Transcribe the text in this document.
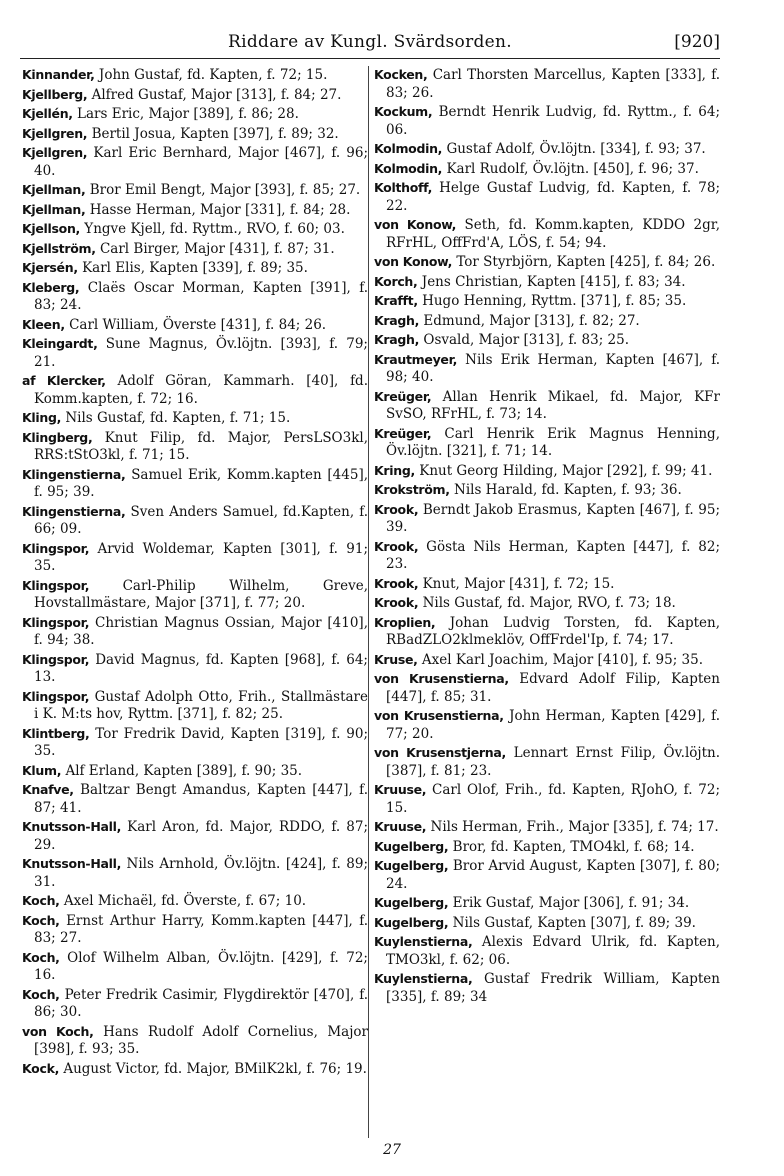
Riddare av Kungl. Svärdsorden.	[920]

Kinnander, John Gustaf, fd. Kapten, f. 72; 15.

Kjellberg, Alfred Gustaf, Major [313], f. 84; 27.

Kjellén, Lars Eric, Major [389], f. 86; 28.

Kjellgren, Bertil Josua, Kapten [397], f. 89; 32.

Kjellgren, Karl Eric Bernhard, Major [467], f. 96; 40.

Kjellman, Bror Emil Bengt, Major [393], f. 85; 27.

Kjellman, Hasse Herman, Major [331], f. 84; 28.

Kjellson, Yngve Kjell, fd. Ryttm., RVO, f. 60; 03.

Kjellström, Carl Birger, Major [431], f. 87; 31.

Kjersén, Karl Elis, Kapten [339], f. 89; 35.

Kleberg, Claës Oscar Morman, Kapten [391], f. 83; 24.

Kleen, Carl William, Överste [431], f. 84; 26.

Kleingardt, Sune Magnus, Öv.löjtn. [393], f. 79; 21.

af Klercker, Adolf Göran, Kammarh. [40], fd. Komm.kapten, f. 72; 16.

Kling, Nils Gustaf, fd. Kapten, f. 71; 15.

Klingberg, Knut Filip, fd. Major, PersLSO3kl, RRS:tStO3kl, f. 71; 15.

Klingenstierna, Samuel Erik, Komm.kapten [445], f. 95; 39.

Klingenstierna, Sven Anders Samuel, fd.Kapten, f. 66; 09.

Klingspor, Arvid Woldemar, Kapten [301], f. 91; 35.

Klingspor, Carl-Philip Wilhelm, Greve, Hovstallmästare, Major [371], f. 77; 20.

Klingspor, Christian Magnus Ossian, Major [410], f. 94; 38.

Klingspor, David Magnus, fd. Kapten [968], f. 64; 13.

Klingspor, Gustaf Adolph Otto, Frih., Stallmästare i K. M:ts hov, Ryttm. [371], f. 82; 25.

Klintberg, Tor Fredrik David, Kapten [319], f. 90; 35.

Klum, Alf Erland, Kapten [389], f. 90; 35.

Knafve, Baltzar Bengt Amandus, Kapten [447], f. 87; 41.

Knutsson-Hall, Karl Aron, fd. Major, RDDO, f. 87; 29.

Knutsson-Hall, Nils Arnhold, Öv.löjtn. [424], f. 89; 31.

Koch, Axel Michaël, fd. Överste, f. 67; 10.

Koch, Ernst Arthur Harry, Komm.kapten [447], f. 83; 27.

Koch, Olof Wilhelm Alban, Öv.löjtn. [429], f. 72; 16.

Koch, Peter Fredrik Casimir, Flygdirektör [470], f. 86; 30.

von Koch, Hans Rudolf Adolf Cornelius, Major [398], f. 93; 35.

Kock, August Victor, fd. Major, BMilK2kl, f. 76; 19.

Kocken, Carl Thorsten Marcellus, Kapten [333], f. 83; 26.

Kockum, Berndt Henrik Ludvig, fd. Ryttm., f. 64; 06.

Kolmodin, Gustaf Adolf, Öv.löjtn. [334], f. 93; 37.

Kolmodin, Karl Rudolf, Öv.löjtn. [450], f. 96; 37.

Kolthoff, Helge Gustaf Ludvig, fd. Kapten, f. 78; 22.

von Konow, Seth, fd. Komm.kapten, KDDO 2gr, RFrHL, OffFrd'A, LÖS, f. 54; 94.

von Konow, Tor Styrbjörn, Kapten [425], f. 84; 26.

Korch, Jens Christian, Kapten [415], f. 83; 34.

Krafft, Hugo Henning, Ryttm. [371], f. 85; 35.

Kragh, Edmund, Major [313], f. 82; 27.

Kragh, Osvald, Major [313], f. 83; 25.

Krautmeyer, Nils Erik Herman, Kapten [467], f. 98; 40.

Kreüger, Allan Henrik Mikael, fd. Major, KFr SvSO, RFrHL, f. 73; 14.

Kreüger, Carl Henrik Erik Magnus Henning, Öv.löjtn. [321], f. 71; 14.

Kring, Knut Georg Hilding, Major [292], f. 99; 41.

Krokström, Nils Harald, fd. Kapten, f. 93; 36.

Krook, Berndt Jakob Erasmus, Kapten [467], f. 95; 39.

Krook, Gösta Nils Herman, Kapten [447], f. 82; 23.

Krook, Knut, Major [431], f. 72; 15.

Krook, Nils Gustaf, fd. Major, RVO, f. 73; 18.

Kroplien, Johan Ludvig Torsten, fd. Kapten, RBadZLO2klmeklöv, OffFrdel'Ip, f. 74; 17.

Kruse, Axel Karl Joachim, Major [410], f. 95; 35.

von Krusenstierna, Edvard Adolf Filip, Kapten [447], f. 85; 31.

von Krusenstierna, John Herman, Kapten [429], f. 77; 20.

von Krusenstjerna, Lennart Ernst Filip, Öv.löjtn. [387], f. 81; 23.

Kruuse, Carl Olof, Frih., fd. Kapten, RJohO, f. 72; 15.

Kruuse, Nils Herman, Frih., Major [335], f. 74; 17.

Kugelberg, Bror, fd. Kapten, TMO4kl, f. 68; 14.

Kugelberg, Bror Arvid August, Kapten [307], f. 80; 24.

Kugelberg, Erik Gustaf, Major [306], f. 91; 34.

Kugelberg, Nils Gustaf, Kapten [307], f. 89; 39.

Kuylenstierna, Alexis Edvard Ulrik, fd. Kapten, TMO3kl, f. 62; 06.

Kuylenstierna, Gustaf Fredrik William, Kapten [335], f. 89; 34

27
